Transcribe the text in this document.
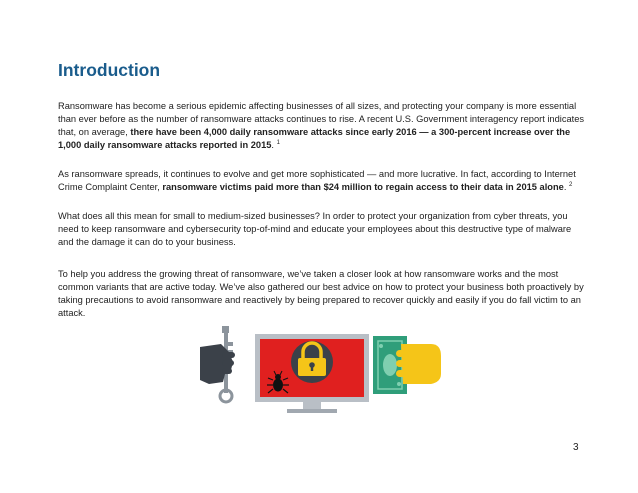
Introduction

Ransomware has become a serious epidemic affecting businesses of all sizes, and protecting your company is more essential than ever before as the number of ransomware attacks continues to rise. A recent U.S. Government interagency report indicates that, on average, there have been 4,000 daily ransomware attacks since early 2016 — a 300-percent increase over the 1,000 daily ransomware attacks reported in 2015. $^1$

As ransomware spreads, it continues to evolve and get more sophisticated — and more lucrative. In fact, according to Internet Crime Complaint Center, ransomware victims paid more than $24 million to regain access to their data in 2015 alone. $^2$

What does all this mean for small to medium-sized businesses? In order to protect your organization from cyber threats, you need to keep ransomware and cybersecurity top-of-mind and educate your employees about this destructive type of malware and the damage it can do to your business.

To help you address the growing threat of ransomware, we’ve taken a closer look at how ransomware works and the most common variants that are active today. We’ve also gathered our best advice on how to protect your business both proactively by taking precautions to avoid ransomware and reactively by being prepared to recover quickly and easily if you do fall victim to an attack.

3
